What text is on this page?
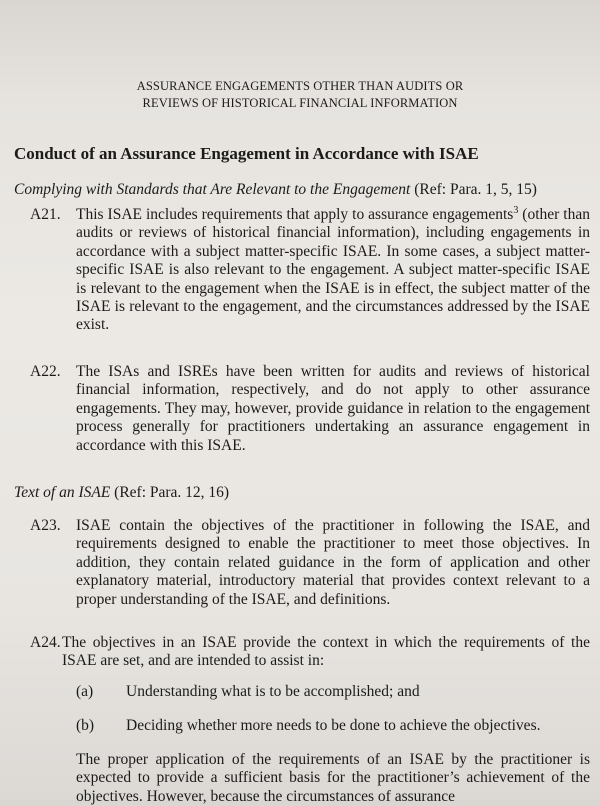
ASSURANCE ENGAGEMENTS OTHER THAN AUDITS OR
REVIEWS OF HISTORICAL FINANCIAL INFORMATION
Conduct of an Assurance Engagement in Accordance with ISAE
Complying with Standards that Are Relevant to the Engagement (Ref: Para. 1, 5, 15)
A21. This ISAE includes requirements that apply to assurance engagements$^3$ (other than audits or reviews of historical financial information), including engagements in accordance with a subject matter-specific ISAE. In some cases, a subject matter-specific ISAE is also relevant to the engagement. A subject matter-specific ISAE is relevant to the engagement when the ISAE is in effect, the subject matter of the ISAE is relevant to the engagement, and the circumstances addressed by the ISAE exist.
A22. The ISAs and ISREs have been written for audits and reviews of historical financial information, respectively, and do not apply to other assurance engagements. They may, however, provide guidance in relation to the engagement process generally for practitioners undertaking an assurance engagement in accordance with this ISAE.
Text of an ISAE (Ref: Para. 12, 16)
A23. ISAE contain the objectives of the practitioner in following the ISAE, and requirements designed to enable the practitioner to meet those objectives. In addition, they contain related guidance in the form of application and other explanatory material, introductory material that provides context relevant to a proper understanding of the ISAE, and definitions.
A24. The objectives in an ISAE provide the context in which the requirements of the ISAE are set, and are intended to assist in:
(a) Understanding what is to be accomplished; and
(b) Deciding whether more needs to be done to achieve the objectives.
The proper application of the requirements of an ISAE by the practitioner is expected to provide a sufficient basis for the practitioner’s achievement of the objectives. However, because the circumstances of assurance
